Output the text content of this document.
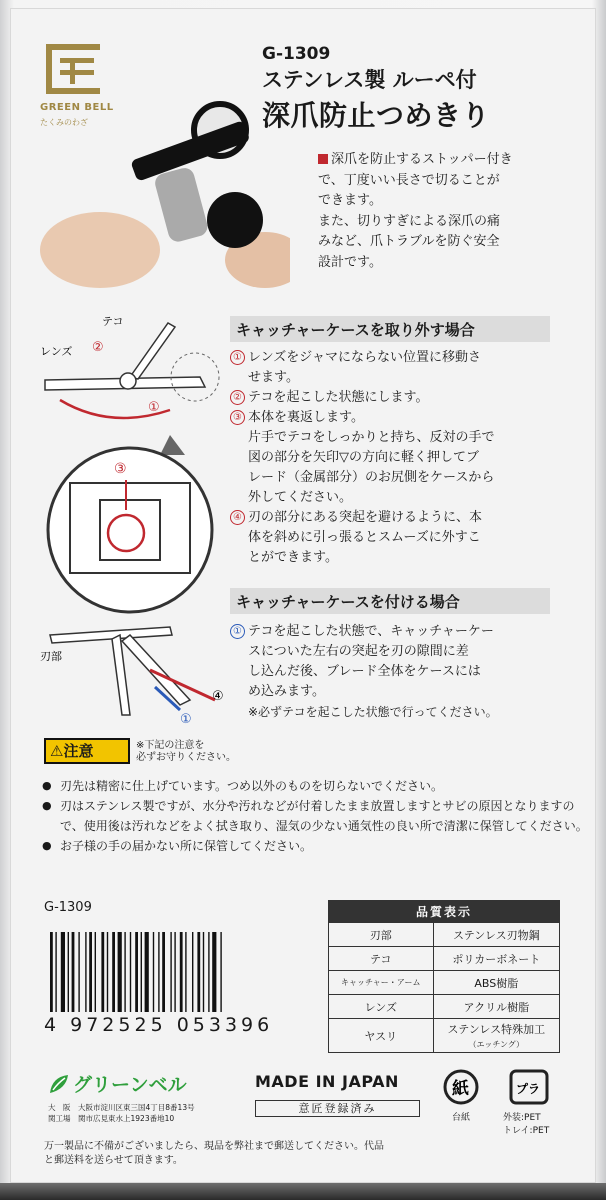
GREEN BELL
たくみのわざ
G-1309
ステンレス製 ルーペ付
深爪防止つめきり
深爪を防止するストッパー付き
で、丁度いい長さで切ることが
できます。
また、切りすぎによる深爪の痛
みなど、爪トラブルを防ぐ安全
設計です。
テコ
レンズ ②
①
③
刃部
④
①
キャッチャーケースを取り外す場合

① レンズをジャマにならない位置に移動さ
せます。

② テコを起こした状態にします。

③ 本体を裏返します。
片手でテコをしっかりと持ち、反対の手で
図の部分を矢印▽の方向に軽く押してブ
レード（金属部分）のお尻側をケースから
外してください。

④ 刃の部分にある突起を避けるように、本
体を斜めに引っ張るとスムーズに外すこ
とができます。

キャッチャーケースを付ける場合

① テコを起こした状態で、キャッチャーケー
スについた左右の突起を刃の隙間に差
し込んだ後、ブレード全体をケースには
め込みます。

※必ずテコを起こした状態で行ってください。

⚠注意	※下記の注意を
必ずお守りください。

● 刃先は精密に仕上げています。つめ以外のものを切らないでください。

● 刃はステンレス製ですが、水分や汚れなどが付着したまま放置しますとサビの原因となりますので、使用後は汚れなどをよく拭き取り、湿気の少ない通気性の良い所で清潔に保管してください。

● お子様の手の届かない所に保管してください。

G-1309
4 972525 053396
品質表示	
刃部	ステンレス刃物鋼
テコ	ポリカーボネート
キャッチャー・アーム	ABS樹脂
レンズ	アクリル樹脂
ヤスリ	ステンレス特殊加工
（エッチング）
グリーンベル
大　阪　 大阪市淀川区東三国4丁目8番13号
関工場　 関市広見東水上1923番地10
MADE IN JAPAN
意匠登録済み
紙
台紙
プラ
外装:PET
トレイ:PET
万一製品に不備がございましたら、現品を弊社まで郵送してください。代品
と郵送料を送らせて頂きます。
